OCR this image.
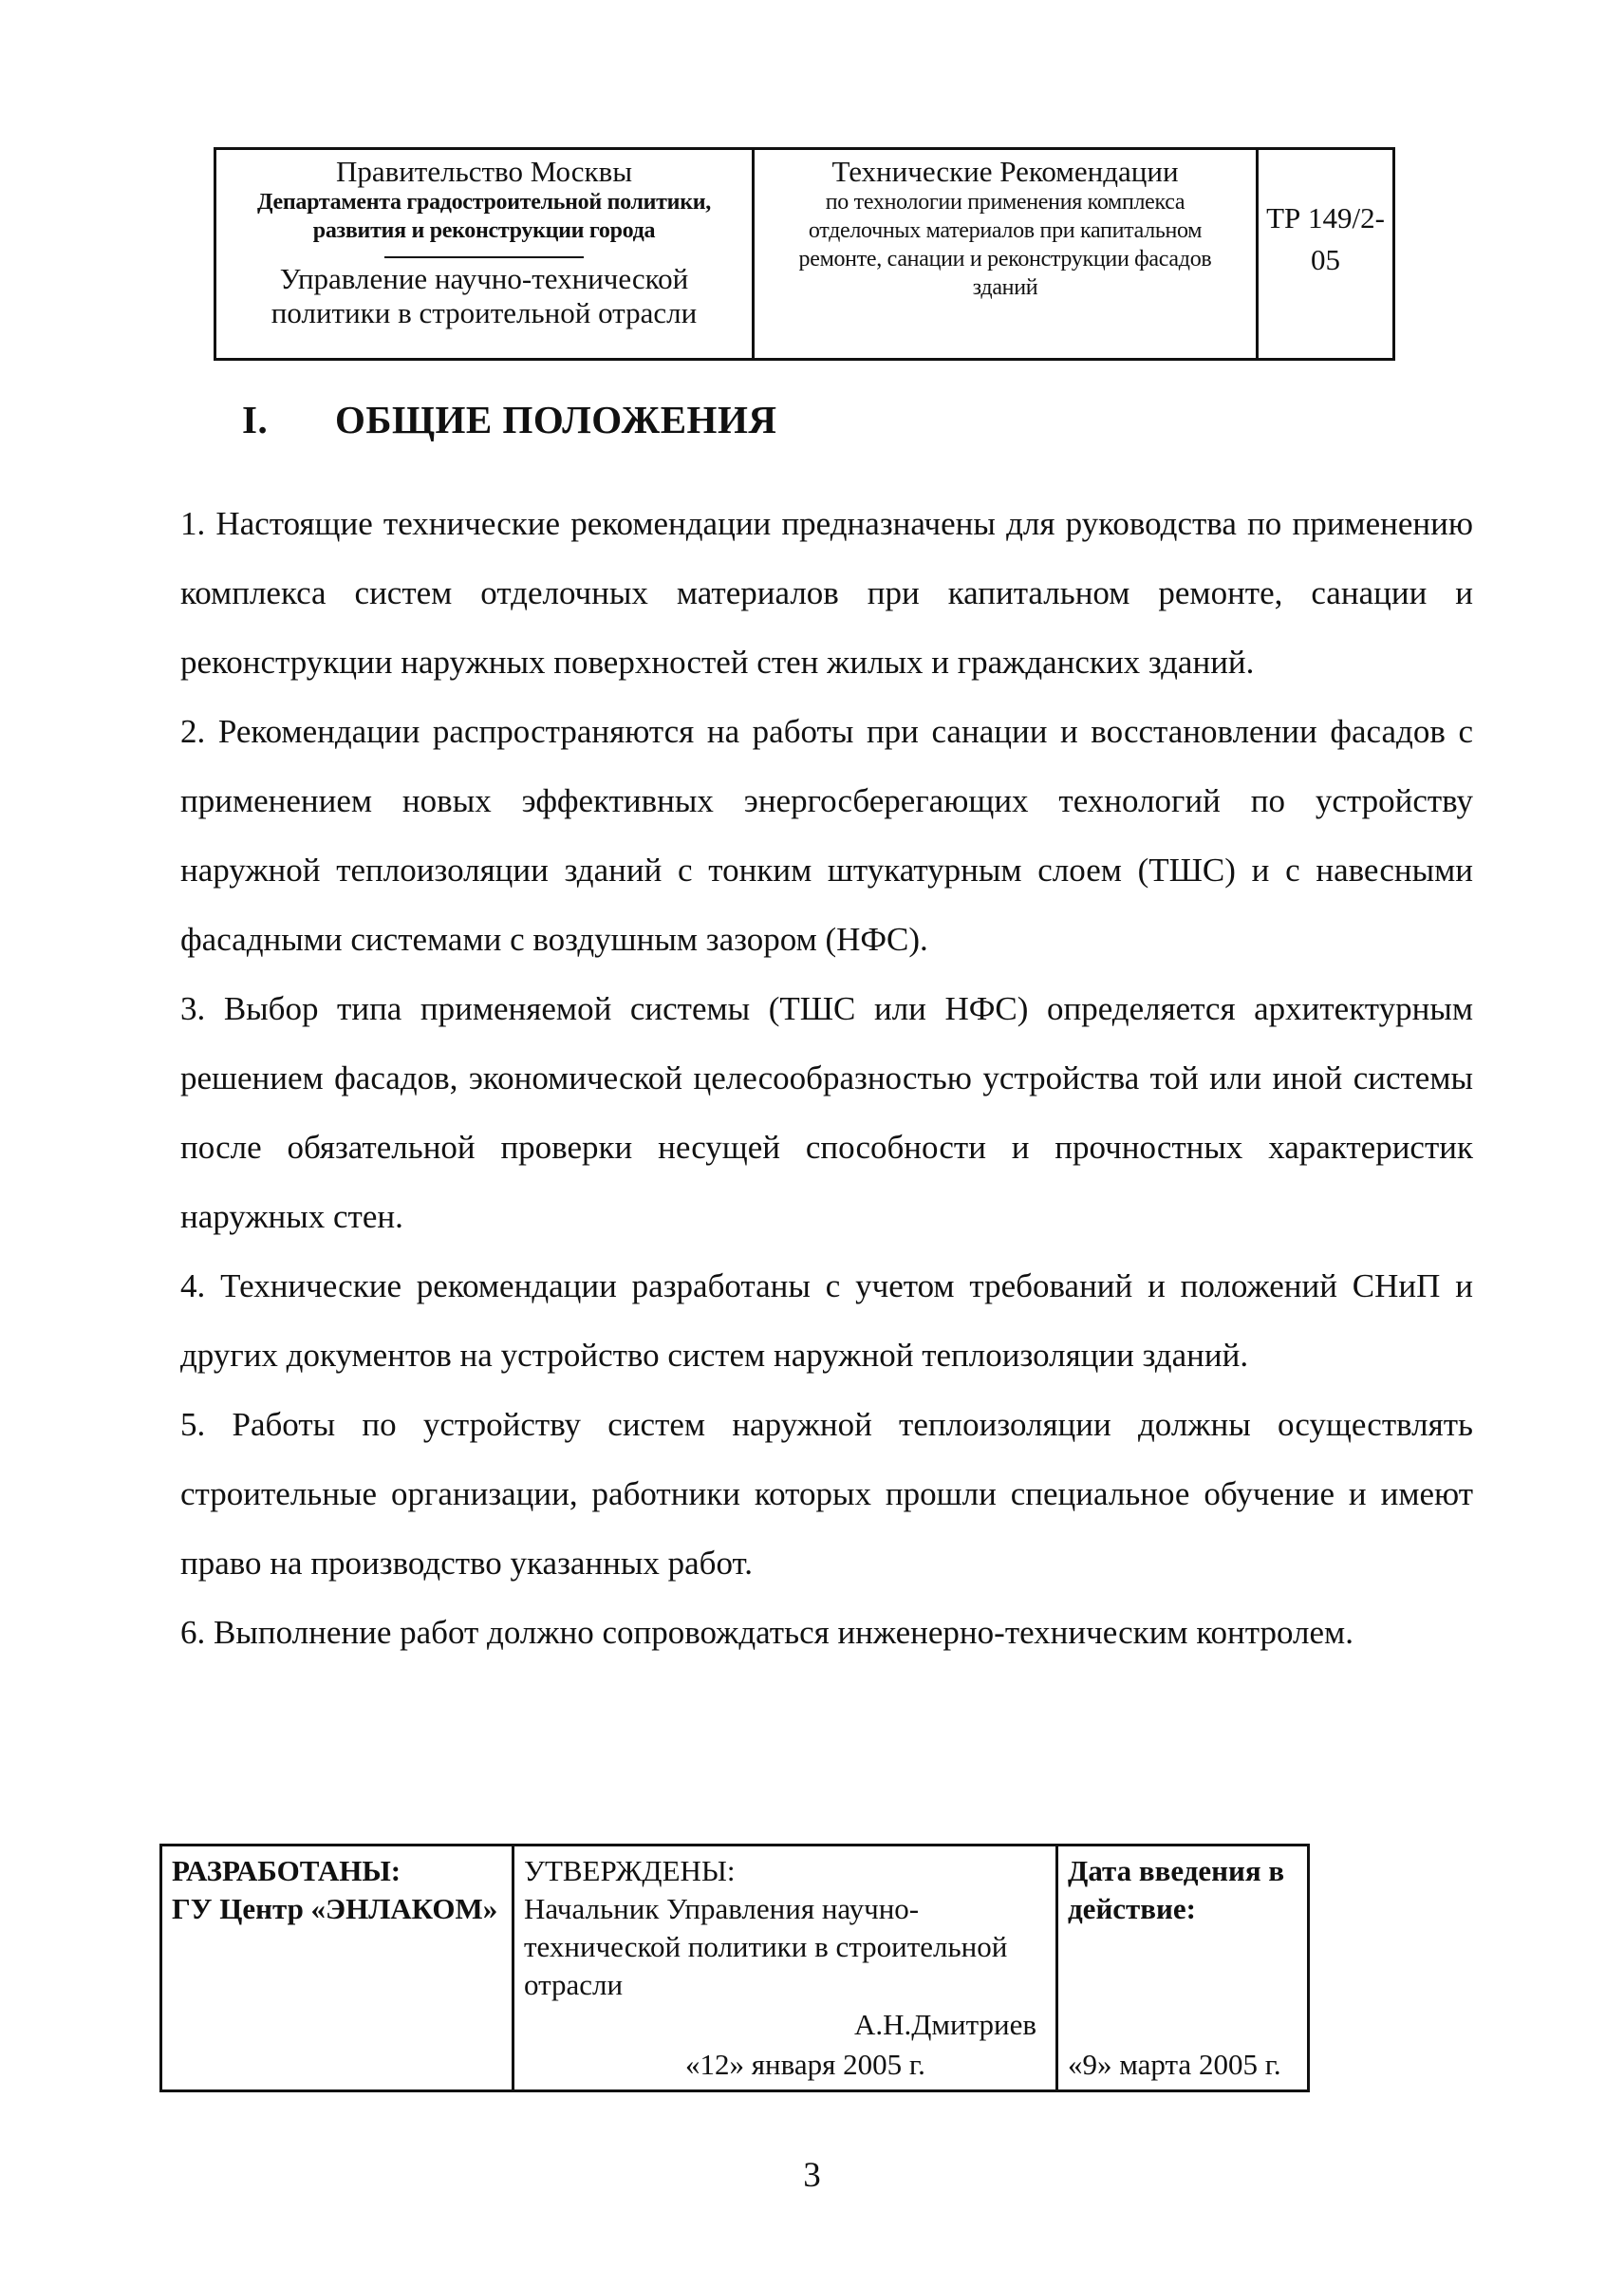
Правительство Москвы
Департамента градостроительной политики,
развития и реконструкции города
Управление научно-технической
политики в строительной отрасли

Технические Рекомендации
по технологии применения комплекса
отделочных материалов при капитальном
ремонте, санации и реконструкции фасадов
зданий

ТР 149/2-
05
I. ОБЩИЕ ПОЛОЖЕНИЯ

1. Настоящие технические рекомендации предназначены для руководства по применению комплекса систем отделочных материалов при капитальном ремонте, санации и реконструкции наружных поверхностей стен жилых и гражданских зданий.

2. Рекомендации распространяются на работы при санации и восстановлении фасадов с применением новых эффективных энергосберегающих технологий по устройству наружной теплоизоляции зданий с тонким штукатурным слоем (ТШС) и с навесными фасадными системами с воздушным зазором (НФС).

3. Выбор типа применяемой системы (ТШС или НФС) определяется архитектурным решением фасадов, экономической целесообразностью устройства той или иной системы после обязательной проверки несущей способности и прочностных характеристик наружных стен.

4. Технические рекомендации разработаны с учетом требований и положений СНиП и других документов на устройство систем наружной теплоизоляции зданий.

5. Работы по устройству систем наружной теплоизоляции должны осуществлять строительные организации, работники которых прошли специальное обучение и имеют право на производство указанных работ.

6. Выполнение работ должно сопровождаться инженерно-техническим контролем.

РАЗРАБОТАНЫ:
ГУ Центр «ЭНЛАКОМ»

УТВЕРЖДЕНЫ:
Начальник Управления научно-технической политики в строительной отрасли
А.Н.Дмитриев
«12» января 2005 г.

Дата введения в действие:
«9» марта 2005 г.
3
